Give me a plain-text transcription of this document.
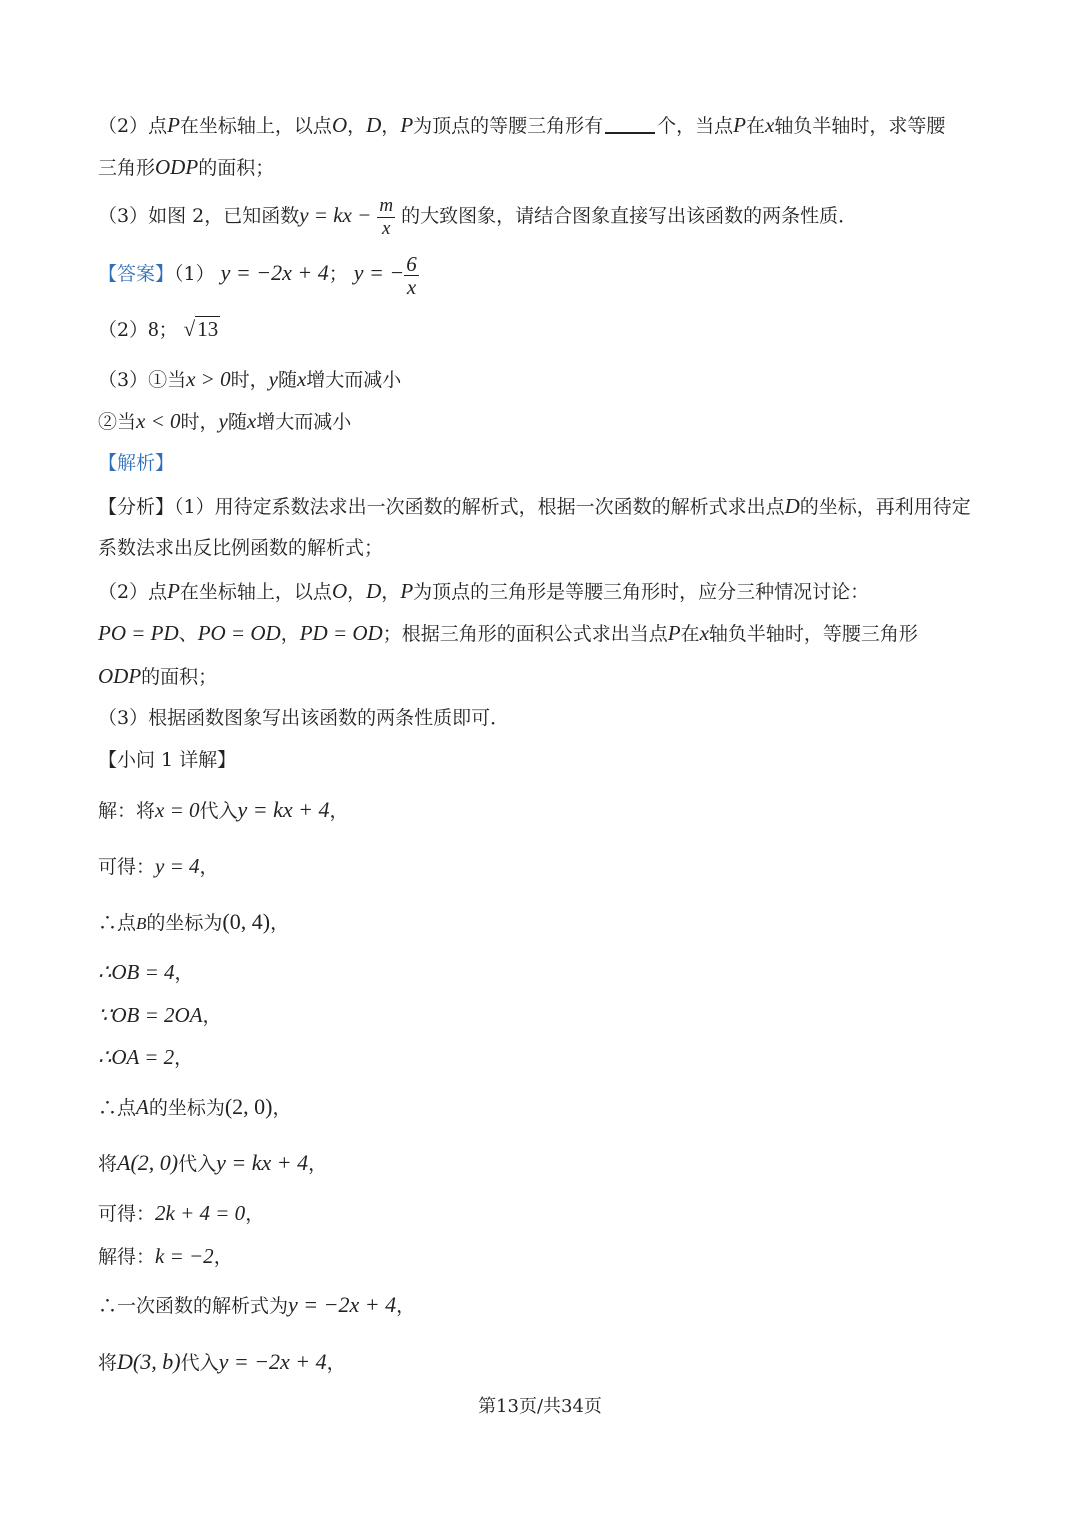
（2）点P在坐标轴上，以点O，D，P为顶点的等腰三角形有	个，当点P在x轴负半轴时，求等腰
三角形ODP的面积；
（3）如图 2，已知函数y = kx − $\frac{m}{x}$ 的大致图象，请结合图象直接写出该函数的两条性质．
【答案】（1） y = −2x + 4； y = − $\frac{6}{x}$
（2）8； √13
（3）①当x > 0时，y随x增大而减小
②当x < 0时，y随x增大而减小
【解析】
【分析】（1）用待定系数法求出一次函数的解析式，根据一次函数的解析式求出点D的坐标，再利用待定
系数法求出反比例函数的解析式；
（2）点P在坐标轴上，以点O，D，P为顶点的三角形是等腰三角形时，应分三种情况讨论：
PO = PD、PO = OD，PD = OD；根据三角形的面积公式求出当点P在x轴负半轴时，等腰三角形
ODP的面积；
（3）根据函数图象写出该函数的两条性质即可．
【小问 1 详解】
解：将x = 0代入y = kx + 4，
可得：y = 4，
∴点B的坐标为(0, 4)，
∴OB = 4，
∵OB = 2OA，
∴OA = 2，
∴点A的坐标为(2, 0)，
将A(2, 0)代入y = kx + 4，
可得：2k + 4 = 0，
解得：k = −2，
∴一次函数的解析式为y = −2x + 4，
将D(3, b)代入y = −2x + 4，
第13页/共34页
